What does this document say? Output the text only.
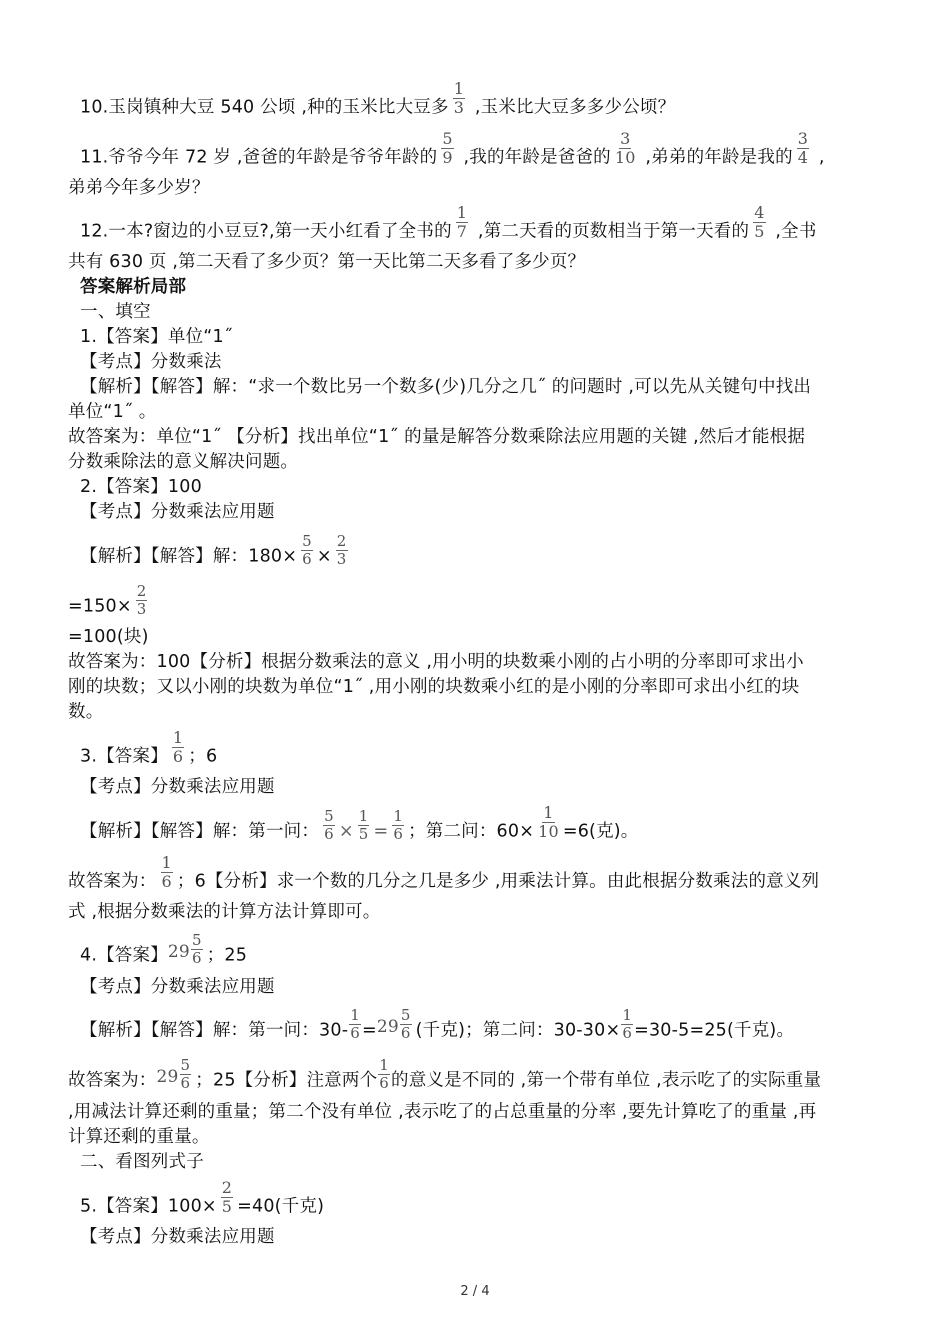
10.玉岗镇种大豆 540 公顷 ,种的玉米比大豆多 $\frac{1}{3}$ ,玉米比大豆多多少公顷？
11.爷爷今年 72 岁 ,爸爸的年龄是爷爷年龄的 $\frac{5}{9}$ ,我的年龄是爸爸的 $\frac{3}{10}$ ,弟弟的年龄是我的 $\frac{3}{4}$ ,
弟弟今年多少岁？
12.一本?窗边的小豆豆?,第一天小红看了全书的 $\frac{1}{7}$ ,第二天看的页数相当于第一天看的 $\frac{4}{5}$ ,全书
共有 630 页 ,第二天看了多少页？第一天比第二天多看了多少页？
答案解析局部
一、填空
1.【答案】单位“1˝
【考点】分数乘法
【解析】【解答】解：“求一个数比另一个数多(少)几分之几˝ 的问题时 ,可以先从关键句中找出
单位“1˝ 。
故答案为：单位“1˝ 【分析】找出单位“1˝ 的量是解答分数乘除法应用题的关键 ,然后才能根据
分数乘除法的意义解决问题。
2.【答案】100
【考点】分数乘法应用题
【解析】【解答】解：$180\times \frac{5}{6} \times \frac{2}{3}$
$=150\times \frac{2}{3}$
=100(块)
故答案为：100【分析】根据分数乘法的意义 ,用小明的块数乘小刚的占小明的分率即可求出小
刚的块数；又以小刚的块数为单位“1˝ ,用小刚的块数乘小红的是小刚的分率即可求出小红的块
数。
3.【答案】 $\frac{1}{6}$ ；6
【考点】分数乘法应用题
【解析】【解答】解：第一问： $\frac{5}{6} \times \frac{1}{5} = \frac{1}{6}$ ；第二问：$60\times \frac{1}{10} =6$(克)。
故答案为： $\frac{1}{6}$ ；6【分析】求一个数的几分之几是多少 ,用乘法计算。由此根据分数乘法的意义列
式 ,根据分数乘法的计算方法计算即可。
4.【答案】$29 \frac{5}{6}$ ；25
【考点】分数乘法应用题
【解析】【解答】解：第一问：$30- \frac{1}{6} =29 \frac{5}{6}$ (千克)；第二问：$30-30\times \frac{1}{6} =30-5=25$(千克)。
故答案为：$29 \frac{5}{6}$ ；25【分析】注意两个 $\frac{1}{6}$ 的意义是不同的 ,第一个带有单位 ,表示吃了的实际重量
,用减法计算还剩的重量；第二个没有单位 ,表示吃了的占总重量的分率 ,要先计算吃了的重量 ,再
计算还剩的重量。
二、看图列式子
5.【答案】$100\times \frac{2}{5} =40$(千克)
【考点】分数乘法应用题
2 / 4
